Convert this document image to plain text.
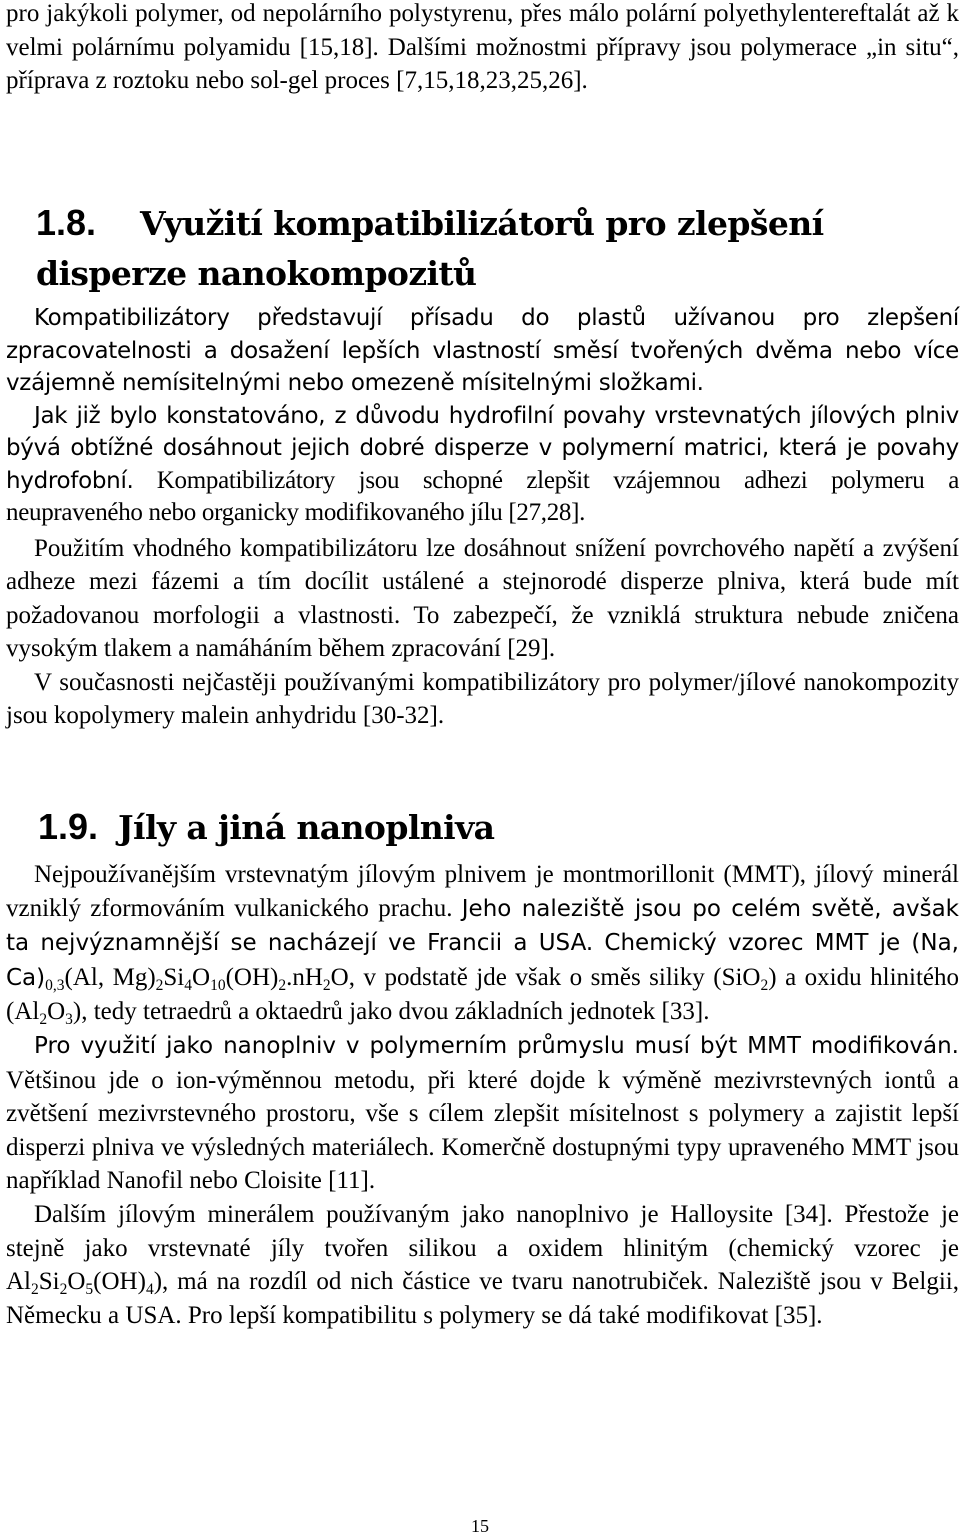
pro jakýkoli polymer, od nepolárního polystyrenu, přes málo polární polyethylentereftalát až k velmi polárnímu polyamidu [15,18]. Dalšími možnostmi přípravy jsou polymerace „in situ“, příprava z roztoku nebo sol-gel proces [7,15,18,23,25,26].

1.8. Využití kompatibilizátorů pro zlepšení disperze nanokompozitů

Kompatibilizátory představují přísadu do plastů užívanou pro zlepšení zpracovatelnosti a dosažení lepších vlastností směsí tvořených dvěma nebo více vzájemně nemísitelnými nebo omezeně mísitelnými složkami.

Jak již bylo konstatováno, z důvodu hydrofilní povahy vrstevnatých jílových plniv bývá obtížné dosáhnout jejich dobré disperze v polymerní matrici, která je povahy hydrofobní. Kompatibilizátory jsou schopné zlepšit vzájemnou adhezi polymeru a neupraveného nebo organicky modifikovaného jílu [27,28].

Použitím vhodného kompatibilizátoru lze dosáhnout snížení povrchového napětí a zvýšení adheze mezi fázemi a tím docílit ustálené a stejnorodé disperze plniva, která bude mít požadovanou morfologii a vlastnosti. To zabezpečí, že vzniklá struktura nebude zničena vysokým tlakem a namáháním během zpracování [29].

V současnosti nejčastěji používanými kompatibilizátory pro polymer/jílové nanokompozity jsou kopolymery malein anhydridu [30-32].

1.9. Jíly a jiná nanoplniva

Nejpoužívanějším vrstevnatým jílovým plnivem je montmorillonit (MMT), jílový minerál vzniklý zformováním vulkanického prachu. Jeho naleziště jsou po celém světě, avšak ta nejvýznamnější se nacházejí ve Francii a USA. Chemický vzorec MMT je (Na, $Ca)_{0,3}(Al$, $Mg)_2Si_4O_{10}(OH)_2.nH_2O$, v podstatě jde však o směs siliky (SiO$_2$) a oxidu hlinitého $(Al_2O_3)$, tedy tetraedrů a oktaedrů jako dvou základních jednotek [33].

Pro využití jako nanoplniv v polymerním průmyslu musí být MMT modifikován. Většinou jde o ion-výměnnou metodu, při které dojde k výměně mezivrstevných iontů a zvětšení mezivrstevného prostoru, vše s cílem zlepšit mísitelnost s polymery a zajistit lepší disperzi plniva ve výsledných materiálech. Komerčně dostupnými typy upraveného MMT jsou například Nanofil nebo Cloisite [11].

Dalším jílovým minerálem používaným jako nanoplnivo je Halloysite [34]. Přestože je stejně jako vrstevnaté jíly tvořen silikou a oxidem hlinitým (chemický vzorec je $Al_2Si_2O_5(OH)_4$), má na rozdíl od nich částice ve tvaru nanotrubiček. Naleziště jsou v Belgii, Německu a USA. Pro lepší kompatibilitu s polymery se dá také modifikovat [35].

15
